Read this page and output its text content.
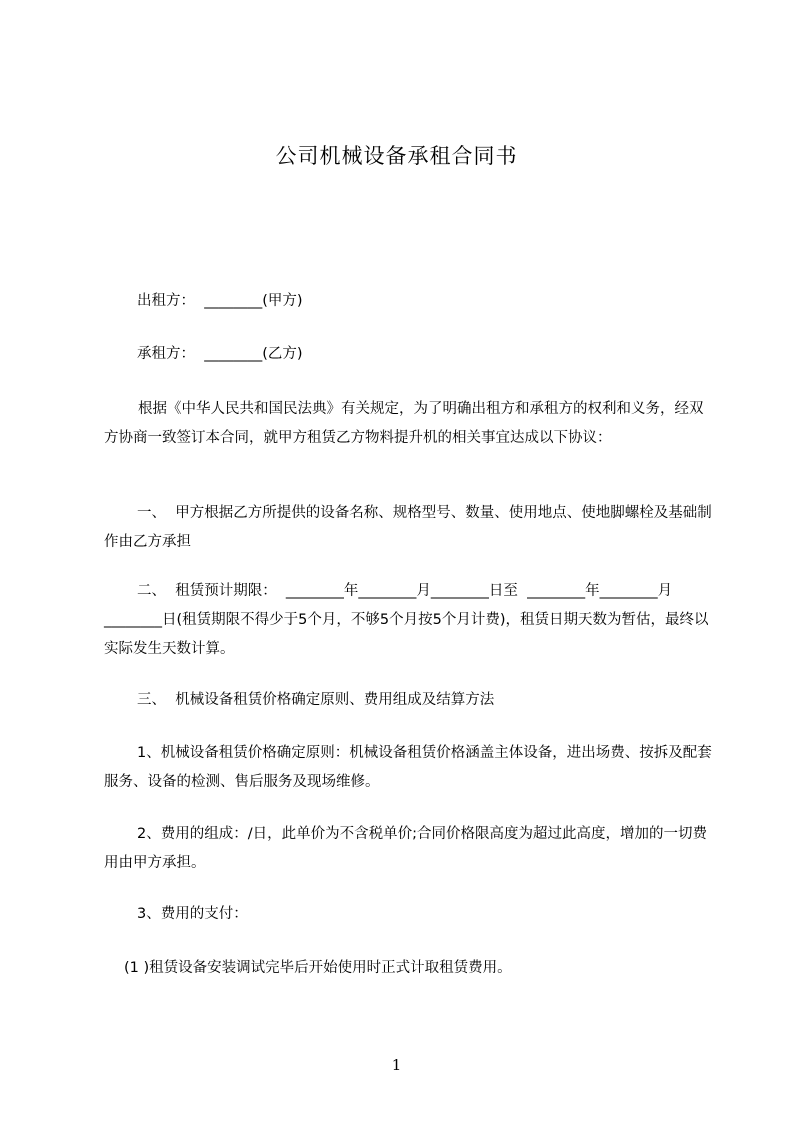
公司机械设备承租合同书

出租方：  ________(甲方)

承租方：  ________(乙方)

根据《中华人民共和国民法典》有关规定，为了明确出租方和承租方的权利和义务，经双方协商一致签订本合同，就甲方租赁乙方物料提升机的相关事宜达成以下协议：

一、  甲方根据乙方所提供的设备名称、规格型号、数量、使用地点、使地脚螺栓及基础制作由乙方承担

二、  租赁预计期限：  ________年________月________日至  ________年________月________日(租赁期限不得少于5个月，不够5个月按5个月计费)，租赁日期天数为暂估，最终以实际发生天数计算。

三、  机械设备租赁价格确定原则、费用组成及结算方法

1、机械设备租赁价格确定原则：机械设备租赁价格涵盖主体设备，进出场费、按拆及配套服务、设备的检测、售后服务及现场维修。

2、费用的组成：/日，此单价为不含税单价;合同价格限高度为超过此高度，增加的一切费用由甲方承担。

3、费用的支付：

(1 )租赁设备安装调试完毕后开始使用时正式计取租赁费用。

1
